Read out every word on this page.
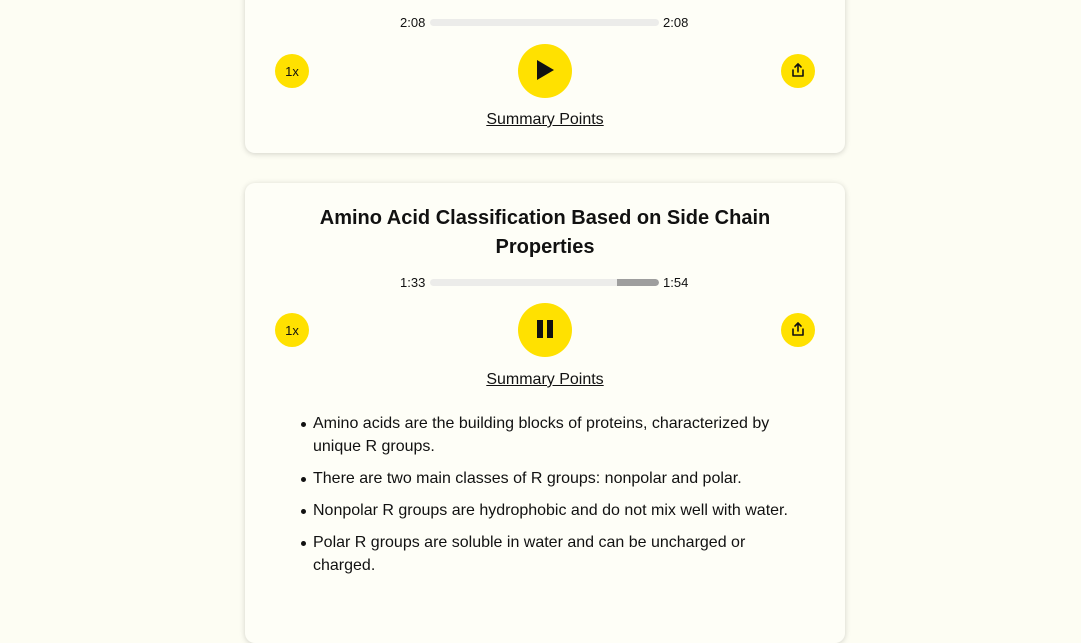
2:08	2:08
1x
Summary Points
Amino Acid Classification Based on Side Chain Properties
1:33	1:54
1x
Summary Points
Amino acids are the building blocks of proteins, characterized by unique R groups.
There are two main classes of R groups: nonpolar and polar.
Nonpolar R groups are hydrophobic and do not mix well with water.
Polar R groups are soluble in water and can be uncharged or charged.
